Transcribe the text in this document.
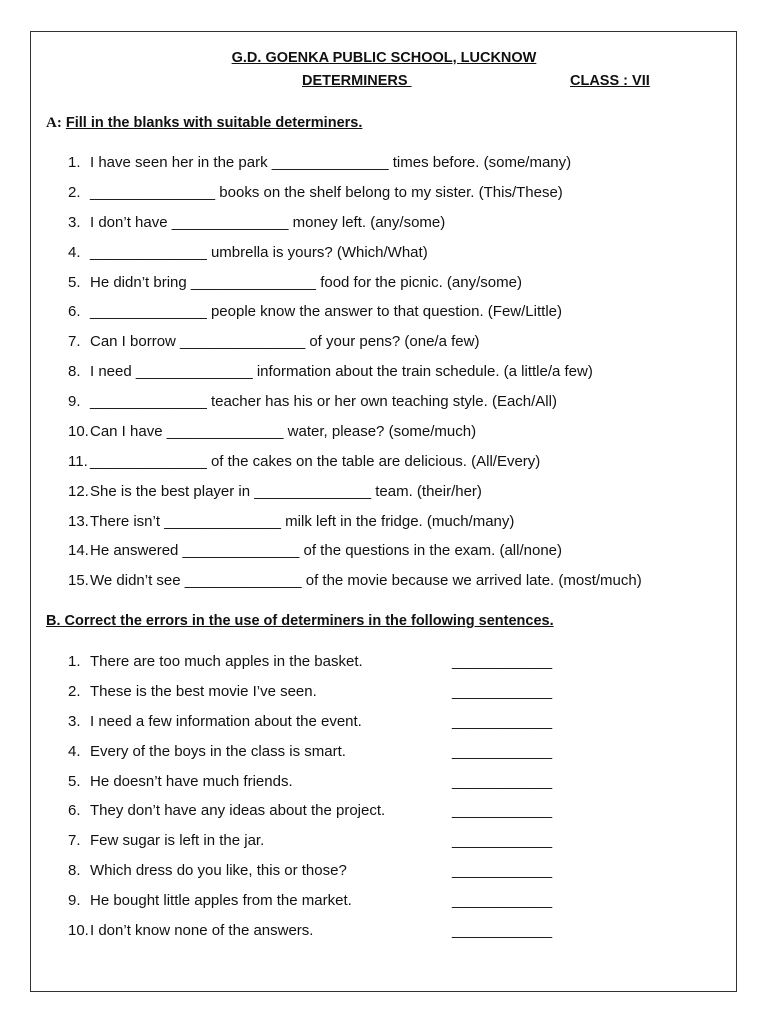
G.D. GOENKA PUBLIC SCHOOL, LUCKNOW
DETERMINERS	CLASS : VII
A: Fill in the blanks with suitable determiners.
1. I have seen her in the park ______________ times before. (some/many)
2. _______________ books on the shelf belong to my sister. (This/These)
3. I don’t have ______________ money left. (any/some)
4. ______________ umbrella is yours? (Which/What)
5. He didn’t bring _______________ food for the picnic. (any/some)
6. ______________ people know the answer to that question. (Few/Little)
7. Can I borrow _______________ of your pens? (one/a few)
8. I need ______________ information about the train schedule. (a little/a few)
9. ______________ teacher has his or her own teaching style. (Each/All)
10.Can I have ______________ water, please? (some/much)
11. ______________ of the cakes on the table are delicious. (All/Every)
12.She is the best player in ______________ team. (their/her)
13.There isn’t ______________ milk left in the fridge. (much/many)
14.He answered ______________ of the questions in the exam. (all/none)
15.We didn’t see ______________ of the movie because we arrived late. (most/much)
B. Correct the errors in the use of determiners in the following sentences.
1. There are too much apples in the basket.	____________
2. These is the best movie I’ve seen.	____________
3. I need a few information about the event.	____________
4. Every of the boys in the class is smart.	____________
5. He doesn’t have much friends.	____________
6. They don’t have any ideas about the project.	____________
7. Few sugar is left in the jar.	____________
8. Which dress do you like, this or those?	____________
9. He bought little apples from the market.	____________
10.I don’t know none of the answers.	____________
